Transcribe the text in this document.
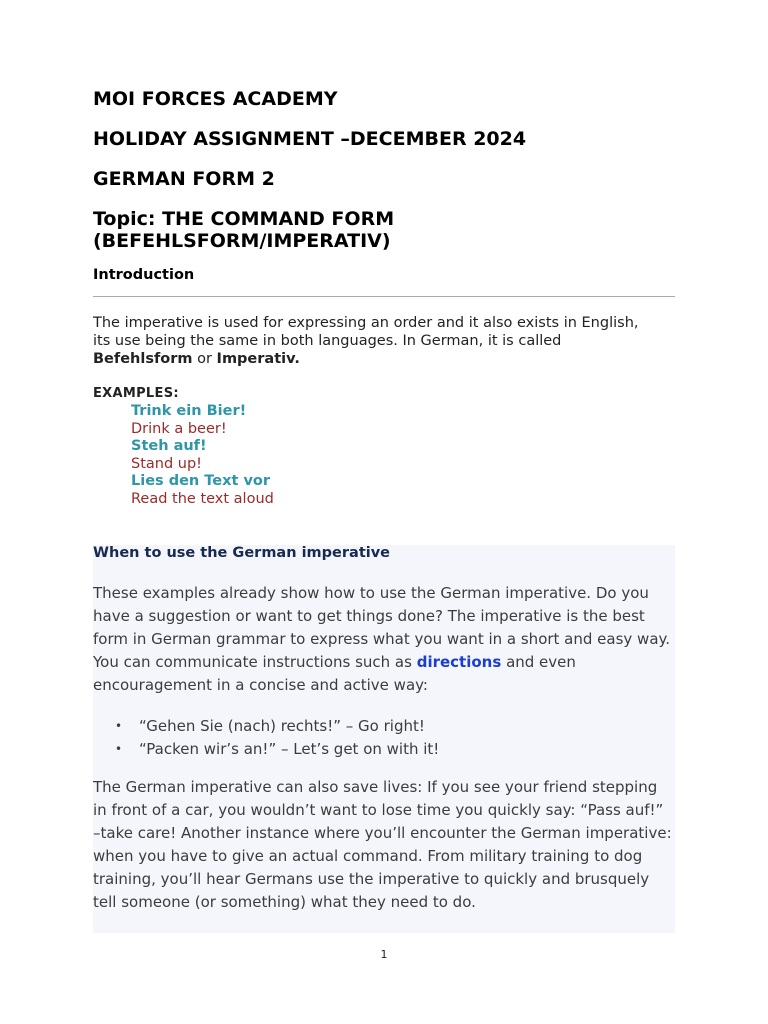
MOI FORCES ACADEMY
HOLIDAY ASSIGNMENT –DECEMBER 2024
GERMAN FORM 2
Topic: THE COMMAND FORM
(BEFEHLSFORM/IMPERATIV)
Introduction
The imperative is used for expressing an order and it also exists in English, its use being the same in both languages. In German, it is called Befehlsform or Imperativ.
EXAMPLES:
Trink ein Bier!
Drink a beer!
Steh auf!
Stand up!
Lies den Text vor
Read the text aloud
When to use the German imperative
These examples already show how to use the German imperative. Do you have a suggestion or want to get things done? The imperative is the best form in German grammar to express what you want in a short and easy way. You can communicate instructions such as directions and even encouragement in a concise and active way:
• “Gehen Sie (nach) rechts!” – Go right!
• “Packen wir’s an!” – Let’s get on with it!
The German imperative can also save lives: If you see your friend stepping in front of a car, you wouldn’t want to lose time you quickly say: “Pass auf!” –take care! Another instance where you’ll encounter the German imperative: when you have to give an actual command. From military training to dog training, you’ll hear Germans use the imperative to quickly and brusquely tell someone (or something) what they need to do.
1
